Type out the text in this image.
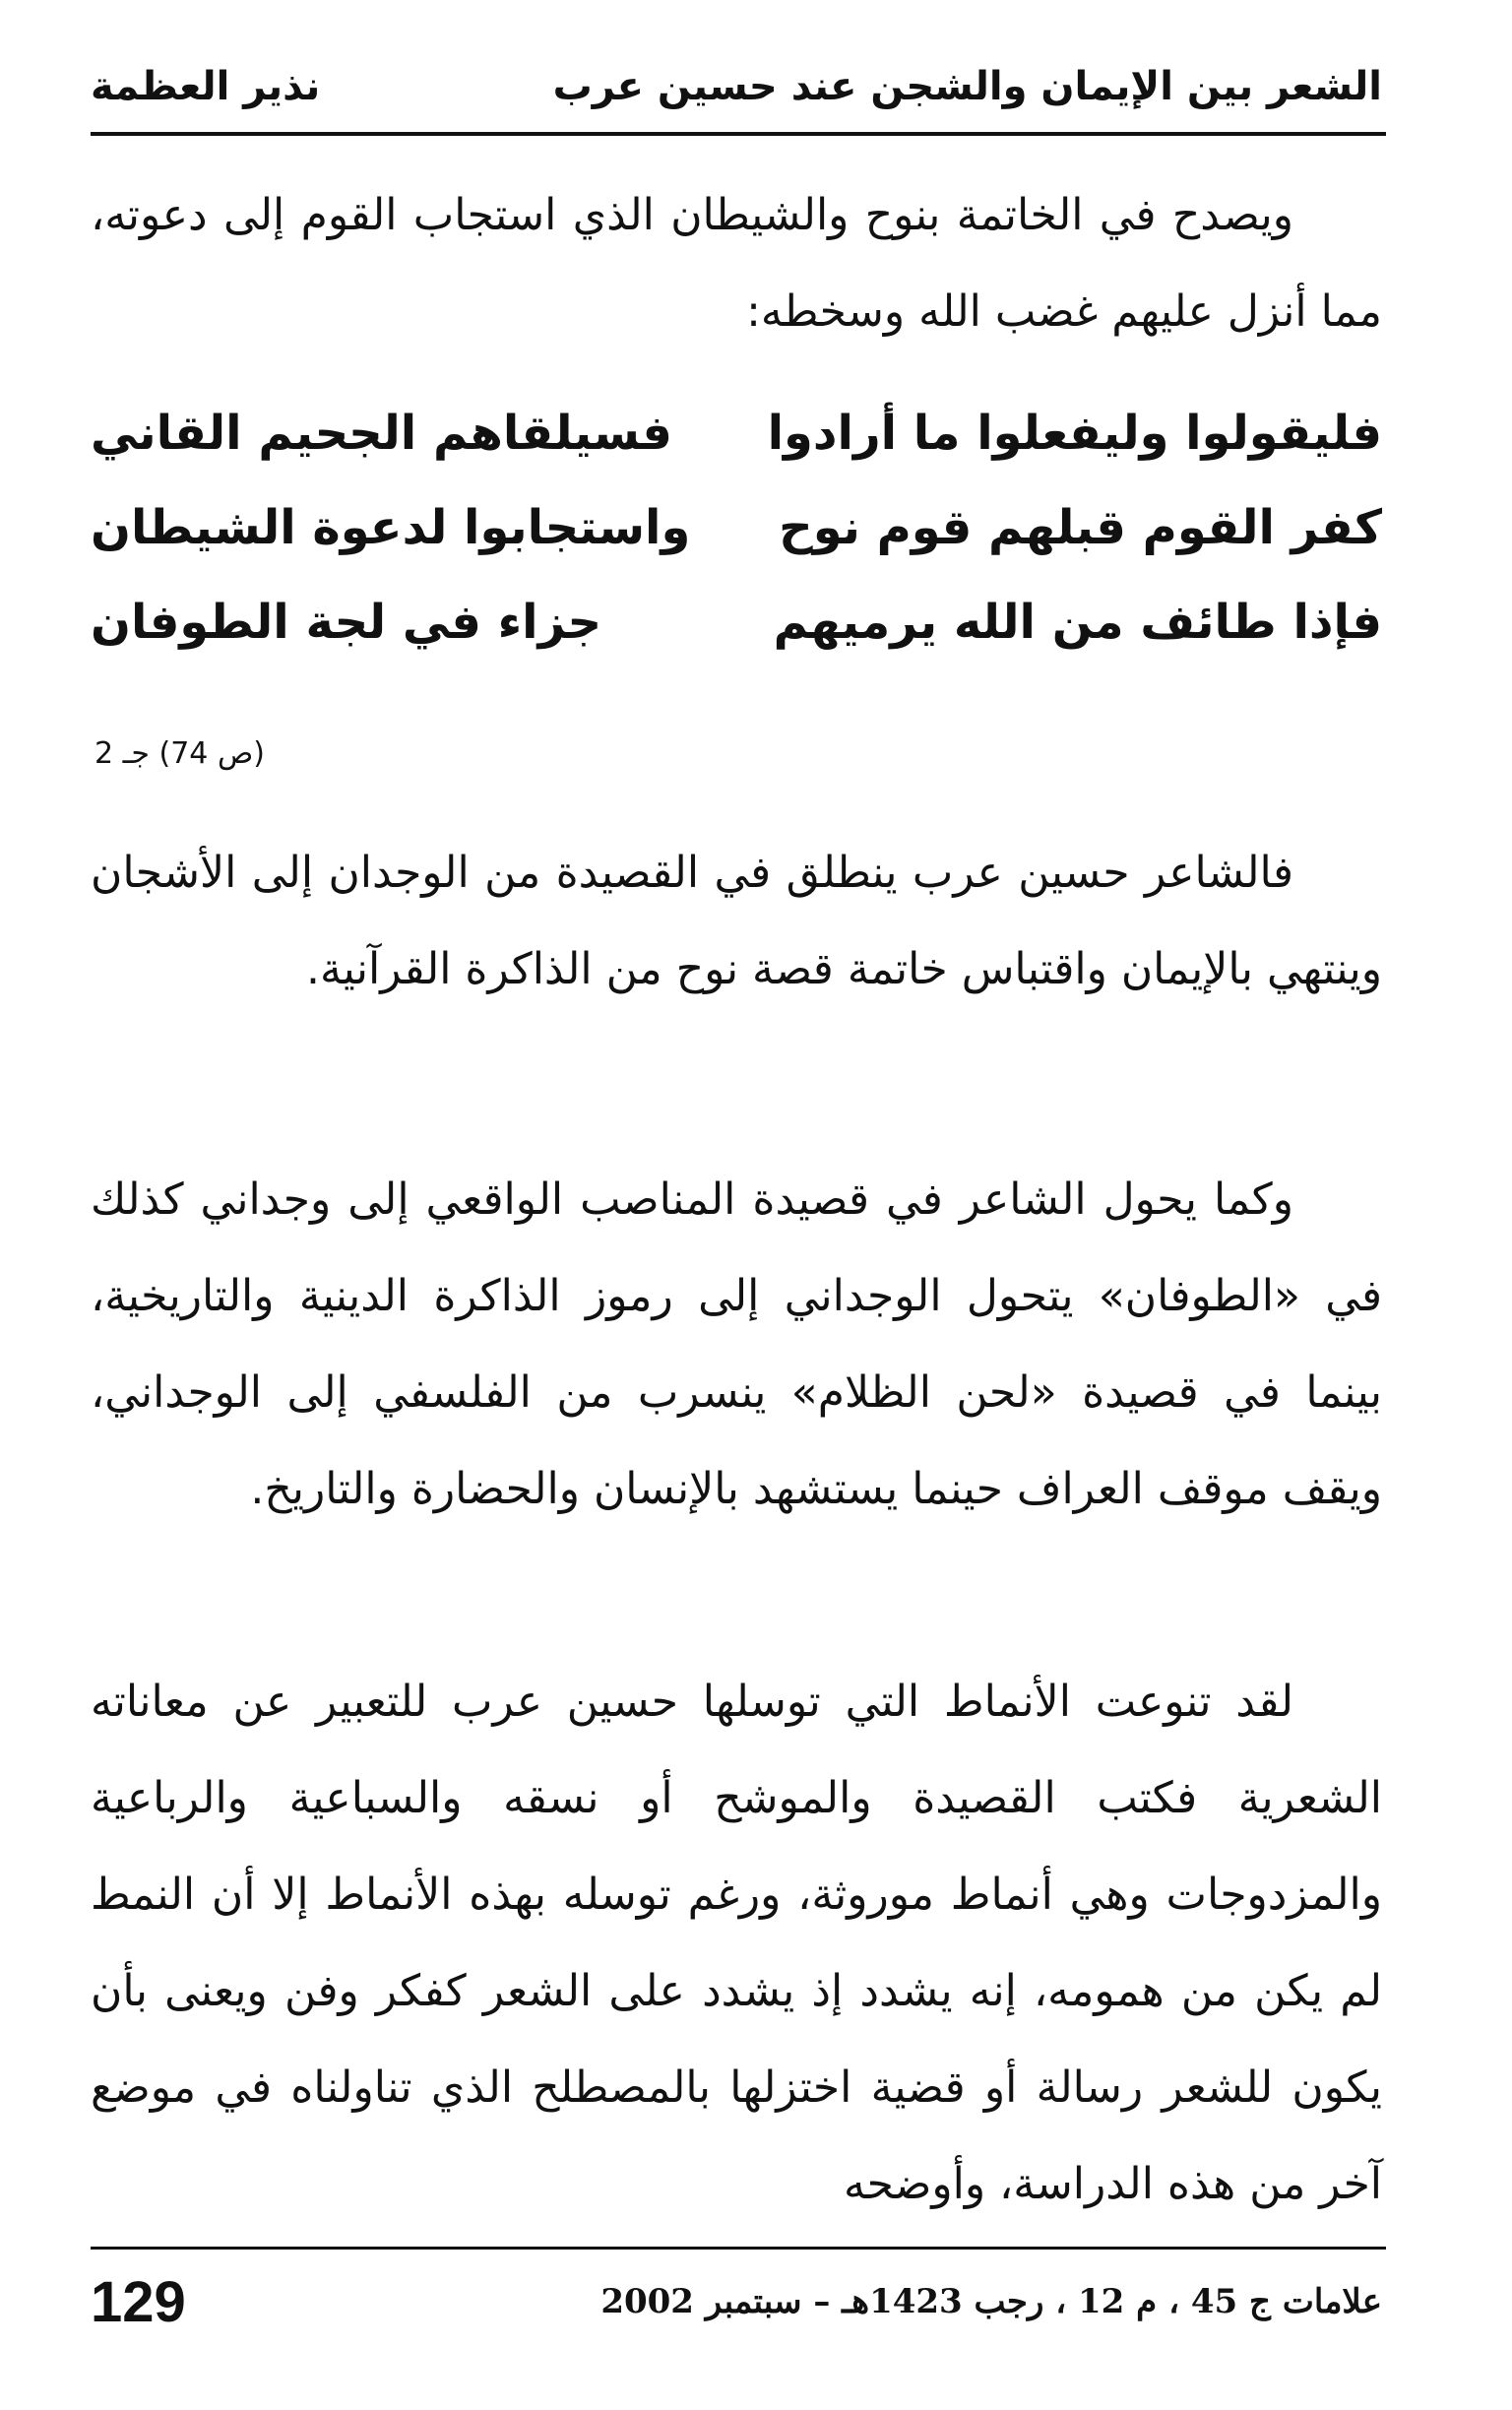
الشعر بين الإيمان والشجن عند حسين عرب
نذير العظمة

ويصدح في الخاتمة بنوح والشيطان الذي استجاب القوم إلى دعوته، مما أنزل عليهم غضب الله وسخطه:

فليقولوا وليفعلوا ما أرادوا
فسيلقاهم الجحيم القاني
كفر القوم قبلهم قوم نوح
واستجابوا لدعوة الشيطان
فإذا طائف من الله يرميهم
جزاء في لجة الطوفان
(ص 74) جـ 2

فالشاعر حسين عرب ينطلق في القصيدة من الوجدان إلى الأشجان وينتهي بالإيمان واقتباس خاتمة قصة نوح من الذاكرة القرآنية.

وكما يحول الشاعر في قصيدة المناصب الواقعي إلى وجداني كذلك في «الطوفان» يتحول الوجداني إلى رموز الذاكرة الدينية والتاريخية، بينما في قصيدة «لحن الظلام» ينسرب من الفلسفي إلى الوجداني، ويقف موقف العراف حينما يستشهد بالإنسان والحضارة والتاريخ.

لقد تنوعت الأنماط التي توسلها حسين عرب للتعبير عن معاناته الشعرية فكتب القصيدة والموشح أو نسقه والسباعية والرباعية والمزدوجات وهي أنماط موروثة، ورغم توسله بهذه الأنماط إلا أن النمط لم يكن من همومه، إنه يشدد إذ يشدد على الشعر كفكر وفن ويعنى بأن يكون للشعر رسالة أو قضية اختزلها بالمصطلح الذي تناولناه في موضع آخر من هذه الدراسة، وأوضحه

علامات ج 45 ، م 12 ، رجب 1423هـ – سبتمبر 2002
129
